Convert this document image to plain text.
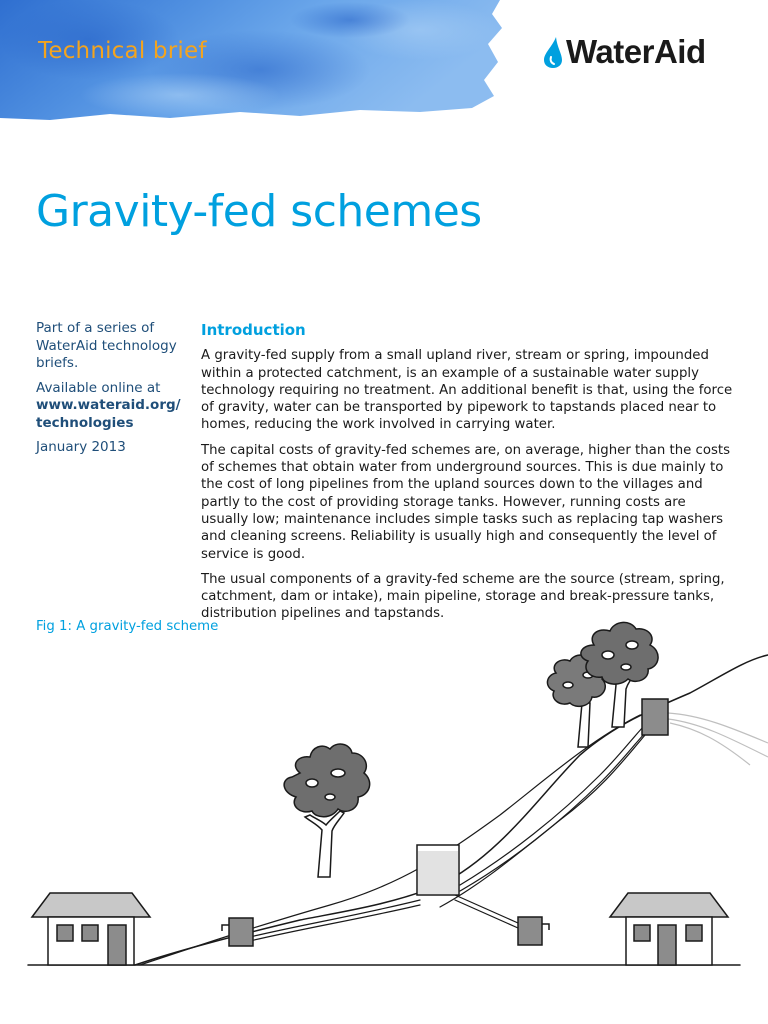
Technical brief	WaterAid
Gravity-fed schemes

Part of a series of WaterAid technology briefs.

Available online at
www.wateraid.org/
technologies

January 2013

Introduction

A gravity-fed supply from a small upland river, stream or spring, impounded within a protected catchment, is an example of a sustainable water supply technology requiring no treatment. An additional benefit is that, using the force of gravity, water can be transported by pipework to tapstands placed near to homes, reducing the work involved in carrying water.

The capital costs of gravity-fed schemes are, on average, higher than the costs of schemes that obtain water from underground sources. This is due mainly to the cost of long pipelines from the upland sources down to the villages and partly to the cost of providing storage tanks. However, running costs are usually low; maintenance includes simple tasks such as replacing tap washers and cleaning screens. Reliability is usually high and consequently the level of service is good.

The usual components of a gravity-fed scheme are the source (stream, spring, catchment, dam or intake), main pipeline, storage and break-pressure tanks, distribution pipelines and tapstands.

Fig 1: A gravity-fed scheme
